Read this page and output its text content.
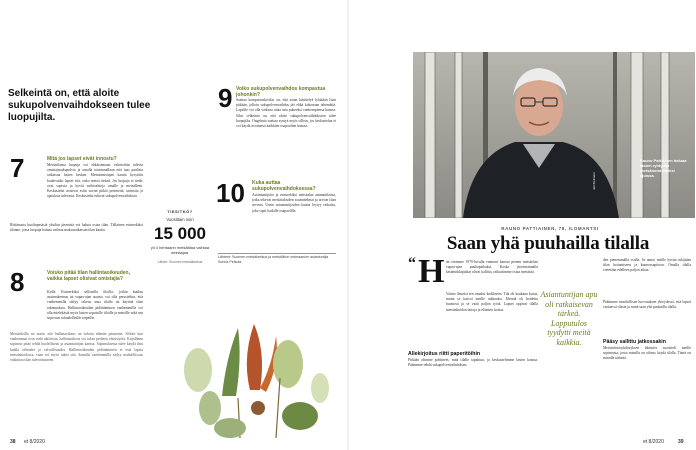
Selkeintä on, että aloite sukupolvenvaihdokseen tulee luopujilta.
7	Mitä jos lapset eivät innostu?
Metsätilansa luopuja voi ehkäisemaan valintoihin tulevia omistajasukupolvia ja omalla toiminnallaan että taas paulista ratkaisua lasten kesken. Metsäomistajan kautta kysyttiin kuulevatko lapset sitä, onko metsä tärkeä. Jos luopuja ei tiedä, ovat sopivia ja hyviä vaihtoehtoja omalle ja metsälleen. Keskustelut nostivat esiin suvun pitkiä perinteitä, tarinoita ja ajatuksia tulevasta. Keskustelut tukivat sukupolvenvaihdosta.
Riittänasta kuolinpesäsiä yksikin jäsenistä voi haluta ostaa tilan. Tällainen esimerkiksi tilanne, jossa luopuja haluaa vaihtaa maksuratkaisun tilan kautta.
8	Voisko pitää tilan hallintaoikeuden, vaikka lapset olisivat omistajia?
Kyllä. Esimerkiksi sellaisilla tiloilla, joihin kuuluu asuinrakennus tai vapaa-ajan asunto, voi olla perusteltua, että vanhemmilla säilyy oikeus asua tilalla tai käyttää tilan rakennuksia. Hallintaoikeuden pidättäminen vanhemmilla voi olla mielekästä myös lasten sopuisille tiloille ja metsille sekä sen sopivuus taloudellisille tarpeille.
Metsätiloilla on usein, että hallintaoikeus on sidottu elämän pituuteen. Silloin kun vanhemmat ovat vielä aktiivisia, hallintaoikeus voi tukea perheen yhteistyötä. Kirjallinen sopimus pitää tehdä huolellisesti ja asiantuntijan kanssa. Sopimuksesta tulee käydä ilmi kaikki oikeudet ja velvollisuudet. Hallintaoikeuden pidättäminen ei estä lapsia metsänhoidossa, vaan voi myös tukea sitä. Samalla vanhemmilla säilyy mahdollisuus vaikuttaa tilan tulevaisuuteen.
TIESITKÖ?
Vuosittain noin
15 000
yli 4 hehtaarin metsätilaa vaihtaa omistajaa.
Lähde: Suomen metsäkeskus
9 Voiko sukupolvenvaihdos kompastua johonkin?
Saattaa kompastuskiviksi on, että asian käsittelyä lykätään liian pitkään, jolloin sukupolvenvaihdos jää ehkä kokonaan tekemättä. Lapsille voi olla vaikeaa ottaa asia puheeksi vanhempiensa kanssa. Siksi selkeintä on, että aloite sukupolvenvaihdokseen tulee luopujilta. Ongelmia saattaa syntyä myös silloin, jos keskustelua ei voi käydä avoimesti kaikkien osapuolten kanssa.
10 Kuka auttaa sukupolvenvaihdoksessa?
Asiantuntijoita ja esimerkiksi metsäalan ammattilaisia, jotka tekevät metsätalouden suunnitelmat ja arvion tilan arvosta. Usein asiantuntijoiden kautta löytyy ratkaisu, joka sopii kaikille osapuolille.
Lähteet: Suomen metsäkeskus ja metsäliiton veteraanien asiantuntija Sonna Pelkola.
38 et 8/2020
Rauno Pattiainen haluaa lasten ryhtyvän metsänomistajiksi ajoissa.
Jari Kiviniemi
RAUNO PATTIAINEN, 78, ILOMANTSI
Saan yhä puuhailla tilalla
“ H än ostimme 1970-luvulla vaimoni kanssa pienen metsätilan vapaa-ajan puuhapaikaksi. Koska järvenrannalla kesämökkipaikat olivat kalliita, ratkaisimme ostaa metsästä.
Vaimo ilmoitti sen omaksi kodikseen. Tila oli kaukana kotoa, mutta se kasvoi meille rakkaaksi. Metsää oli hoidettu huonosti ja se vaati paljon työtä. Lapset oppivat tilalla metsänhoidon taitoja ja eläinten hoitoa.
Allekirjoitus riitti paperitöihin
Pitkään olimme pohtineet, mitä tilalle tapahtuu, ja keskustelimme lasten kanssa. Päätimme tehdä sukupolvenvaihdoksen.
Asiantuntijan apu oli ratkaisevan tärkeä. Lopputulos tyydytti meitä kaikkia.
den pienemmällä osalla. Se annoi meille hyvän tukijalan tilan hoitamiseen ja kunnossapitoon. Omalla tilalla vietetään edelleen paljon aikaa.
Päätimme muodollisen luovutuksen yhteydessä, että lapset vastaavat tilasta ja minä saan yhä puuhailla tilalla.
Pääsy sallittu jatkossakin
Metsänhoitoyhdistyksen lakimies suositteli meille sopimusta, jossa minulla on oikeus käydä tilalla. Tämä on minulle tärkeää.
et 8/2020	39
